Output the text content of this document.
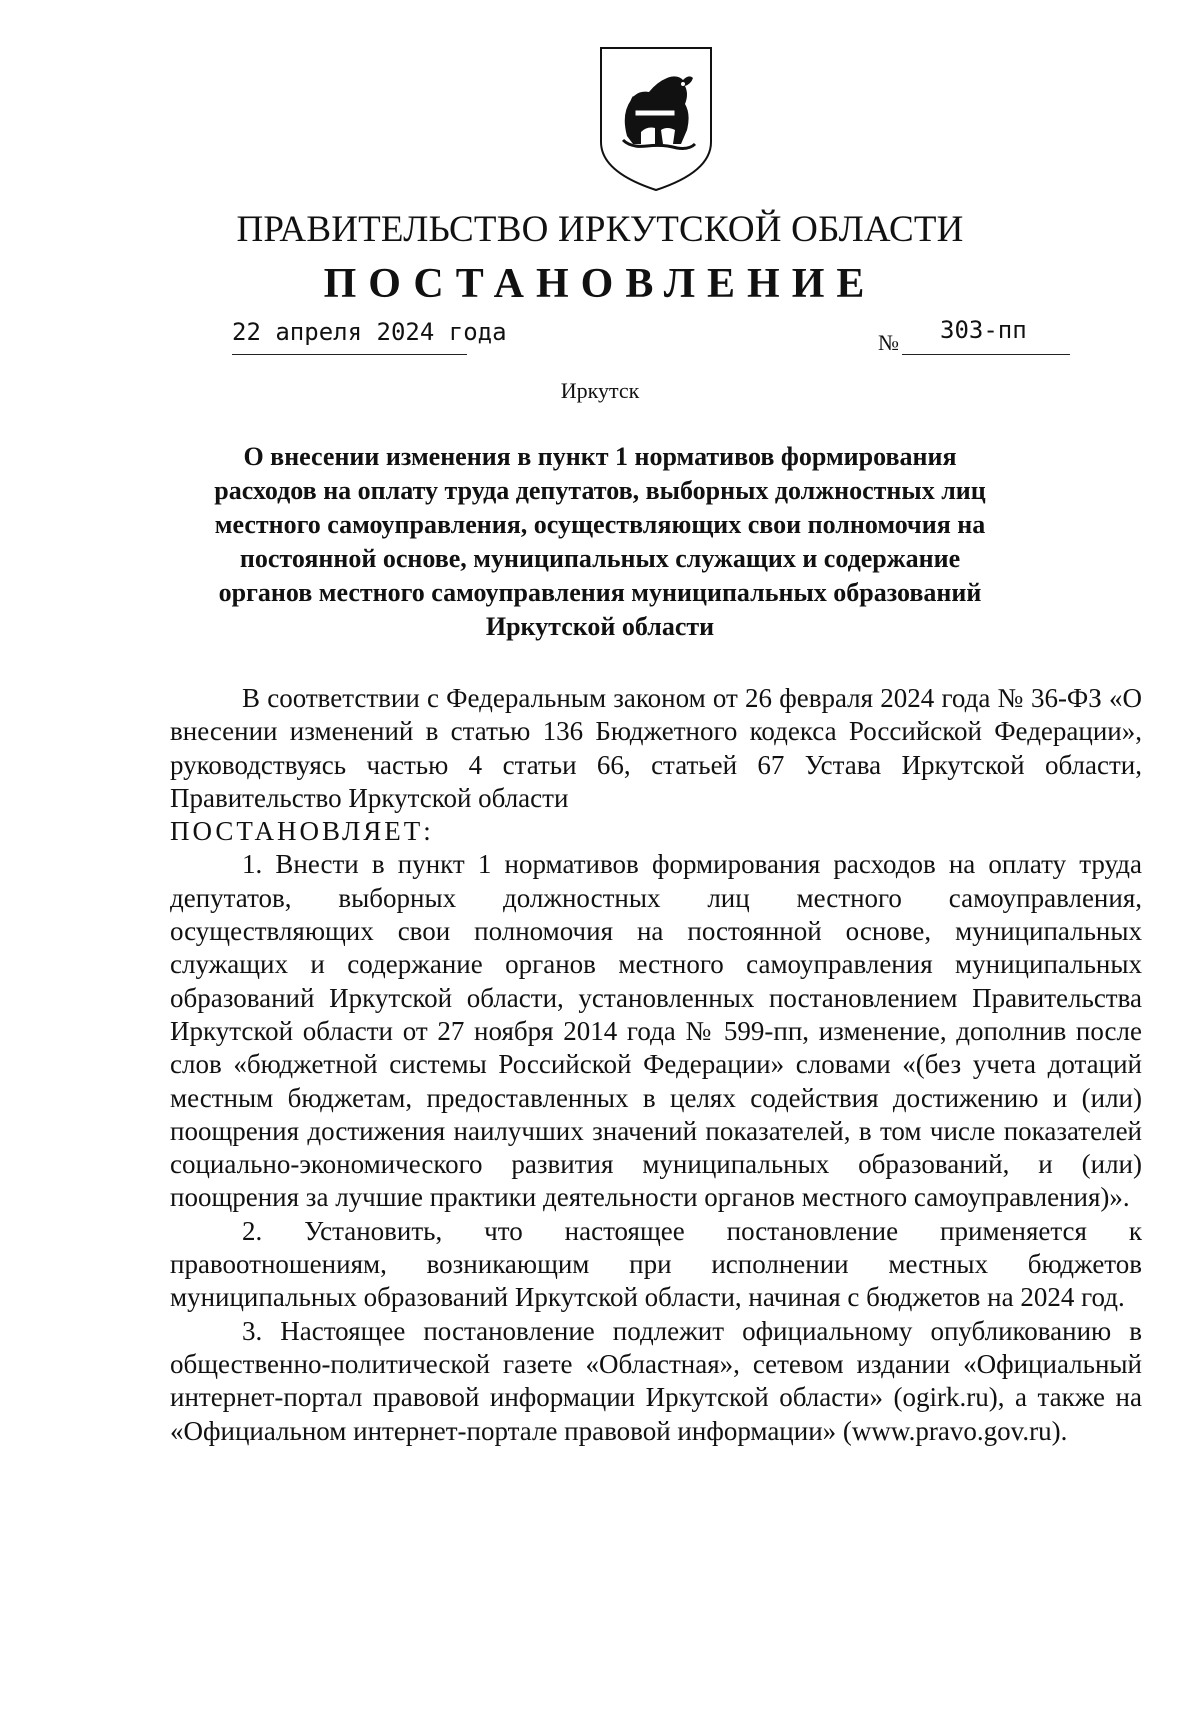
ПРАВИТЕЛЬСТВО ИРКУТСКОЙ ОБЛАСТИ
ПОСТАНОВЛЕНИЕ
22 апреля 2024 года	№ 303-пп
Иркутск
О внесении изменения в пункт 1 нормативов формирования расходов на оплату труда депутатов, выборных должностных лиц местного самоуправления, осуществляющих свои полномочия на постоянной основе, муниципальных служащих и содержание органов местного самоуправления муниципальных образований Иркутской области

В соответствии с Федеральным законом от 26 февраля 2024 года № 36-ФЗ «О внесении изменений в статью 136 Бюджетного кодекса Российской Федерации», руководствуясь частью 4 статьи 66, статьей 67 Устава Иркутской области, Правительство Иркутской области

ПОСТАНОВЛЯЕТ:

1. Внести в пункт 1 нормативов формирования расходов на оплату труда депутатов, выборных должностных лиц местного самоуправления, осуществляющих свои полномочия на постоянной основе, муниципальных служащих и содержание органов местного самоуправления муниципальных образований Иркутской области, установленных постановлением Правительства Иркутской области от 27 ноября 2014 года № 599-пп, изменение, дополнив после слов «бюджетной системы Российской Федерации» словами «(без учета дотаций местным бюджетам, предоставленных в целях содействия достижению и (или) поощрения достижения наилучших значений показателей, в том числе показателей социально-экономического развития муниципальных образований, и (или) поощрения за лучшие практики деятельности органов местного самоуправления)».

2. Установить, что настоящее постановление применяется к правоотношениям, возникающим при исполнении местных бюджетов муниципальных образований Иркутской области, начиная с бюджетов на 2024 год.

3. Настоящее постановление подлежит официальному опубликованию в общественно-политической газете «Областная», сетевом издании «Официальный интернет-портал правовой информации Иркутской области» (ogirk.ru), а также на «Официальном интернет-портале правовой информации» (www.pravo.gov.ru).
